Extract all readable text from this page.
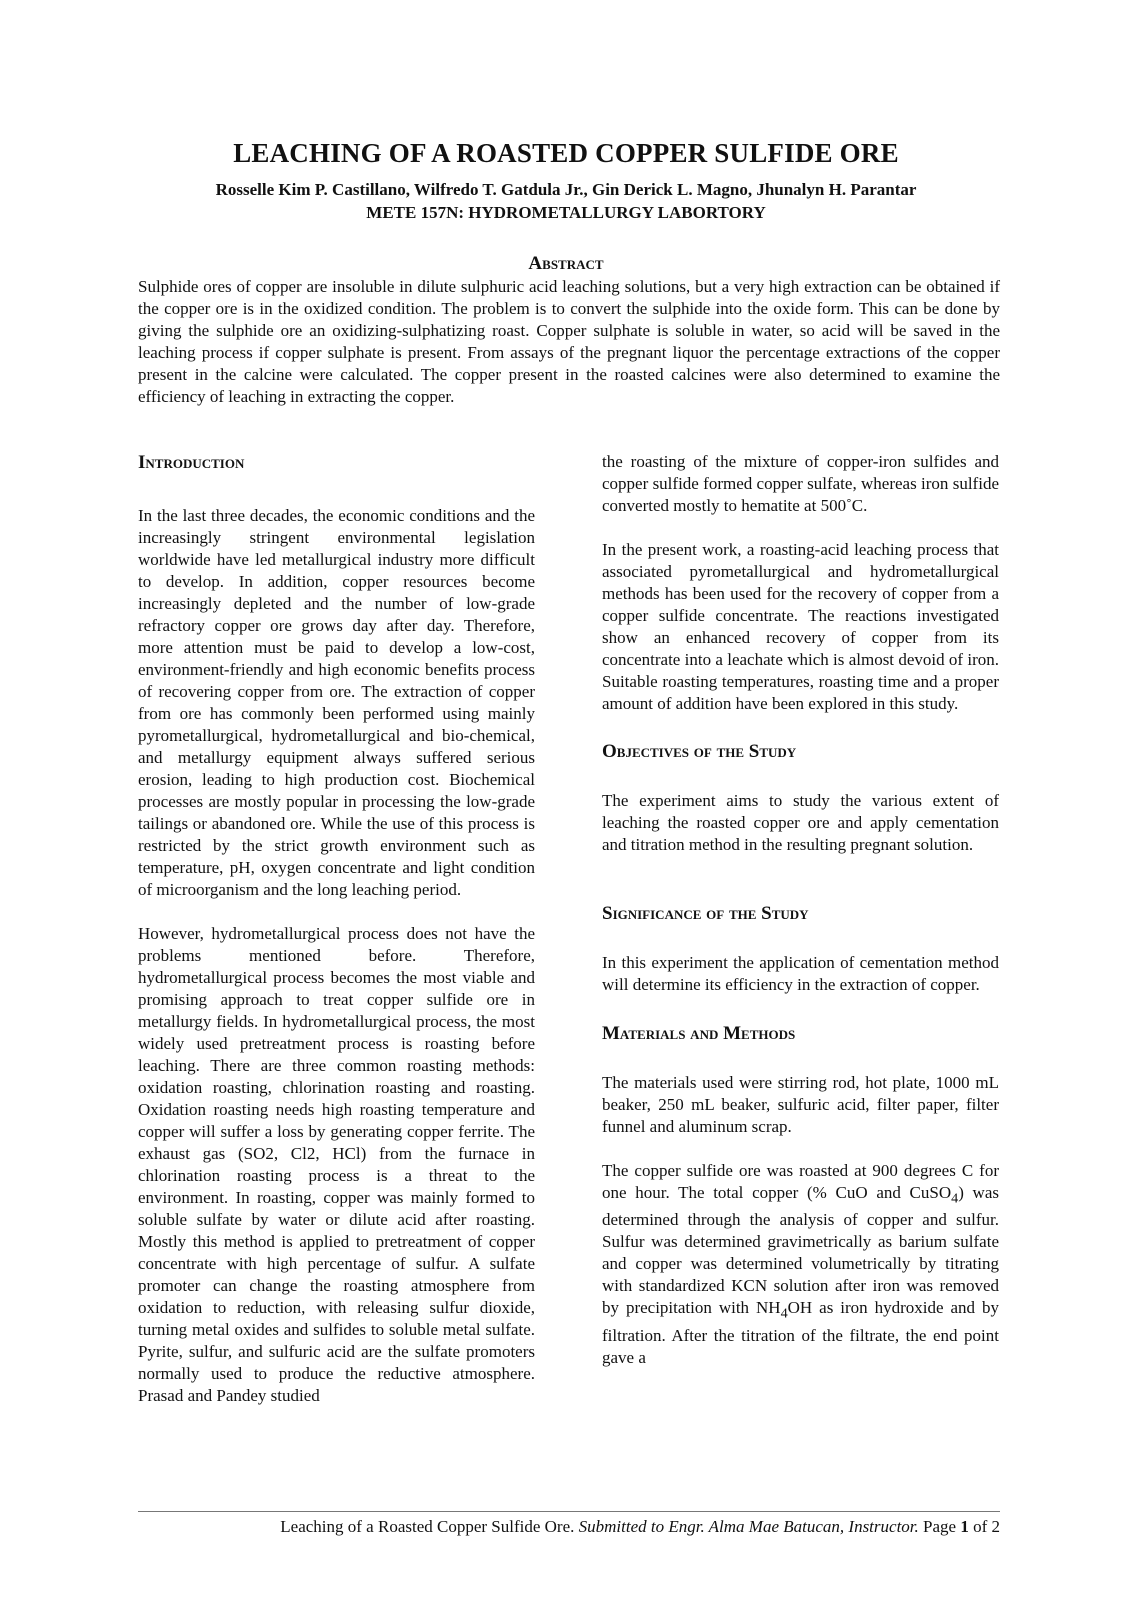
LEACHING OF A ROASTED COPPER SULFIDE ORE
Rosselle Kim P. Castillano, Wilfredo T. Gatdula Jr., Gin Derick L. Magno, Jhunalyn H. Parantar
METE 157N: HYDROMETALLURGY LABORTORY
Abstract
Sulphide ores of copper are insoluble in dilute sulphuric acid leaching solutions, but a very high extraction can be obtained if the copper ore is in the oxidized condition. The problem is to convert the sulphide into the oxide form. This can be done by giving the sulphide ore an oxidizing-sulphatizing roast. Copper sulphate is soluble in water, so acid will be saved in the leaching process if copper sulphate is present. From assays of the pregnant liquor the percentage extractions of the copper present in the calcine were calculated. The copper present in the roasted calcines were also determined to examine the efficiency of leaching in extracting the copper.

Introduction

In the last three decades, the economic conditions and the increasingly stringent environmental legislation worldwide have led metallurgical industry more difficult to develop. In addition, copper resources become increasingly depleted and the number of low-grade refractory copper ore grows day after day. Therefore, more attention must be paid to develop a low-cost, environment-friendly and high economic benefits process of recovering copper from ore. The extraction of copper from ore has commonly been performed using mainly pyrometallurgical, hydrometallurgical and bio-chemical, and metallurgy equipment always suffered serious erosion, leading to high production cost. Biochemical processes are mostly popular in processing the low-grade tailings or abandoned ore. While the use of this process is restricted by the strict growth environment such as temperature, pH, oxygen concentrate and light condition of microorganism and the long leaching period.

However, hydrometallurgical process does not have the problems mentioned before. Therefore, hydrometallurgical process becomes the most viable and promising approach to treat copper sulfide ore in metallurgy fields. In hydrometallurgical process, the most widely used pretreatment process is roasting before leaching. There are three common roasting methods: oxidation roasting, chlorination roasting and roasting. Oxidation roasting needs high roasting temperature and copper will suffer a loss by generating copper ferrite. The exhaust gas (SO2, Cl2, HCl) from the furnace in chlorination roasting process is a threat to the environment. In roasting, copper was mainly formed to soluble sulfate by water or dilute acid after roasting. Mostly this method is applied to pretreatment of copper concentrate with high percentage of sulfur. A sulfate promoter can change the roasting atmosphere from oxidation to reduction, with releasing sulfur dioxide, turning metal oxides and sulfides to soluble metal sulfate. Pyrite, sulfur, and sulfuric acid are the sulfate promoters normally used to produce the reductive atmosphere. Prasad and Pandey studied

the roasting of the mixture of copper-iron sulfides and copper sulfide formed copper sulfate, whereas iron sulfide converted mostly to hematite at 500˚C.

In the present work, a roasting-acid leaching process that associated pyrometallurgical and hydrometallurgical methods has been used for the recovery of copper from a copper sulfide concentrate. The reactions investigated show an enhanced recovery of copper from its concentrate into a leachate which is almost devoid of iron. Suitable roasting temperatures, roasting time and a proper amount of addition have been explored in this study.

Objectives of the Study

The experiment aims to study the various extent of leaching the roasted copper ore and apply cementation and titration method in the resulting pregnant solution.

Significance of the Study

In this experiment the application of cementation method will determine its efficiency in the extraction of copper.

Materials and Methods

The materials used were stirring rod, hot plate, 1000 mL beaker, 250 mL beaker, sulfuric acid, filter paper, filter funnel and aluminum scrap.

The copper sulfide ore was roasted at 900 degrees C for one hour. The total copper (% CuO and CuSO$_4$) was determined through the analysis of copper and sulfur. Sulfur was determined gravimetrically as barium sulfate and copper was determined volumetrically by titrating with standardized KCN solution after iron was removed by precipitation with $NH_4OH$ as iron hydroxide and by filtration. After the titration of the filtrate, the end point gave a

Leaching of a Roasted Copper Sulfide Ore. Submitted to Engr. Alma Mae Batucan, Instructor. Page 1 of 2
